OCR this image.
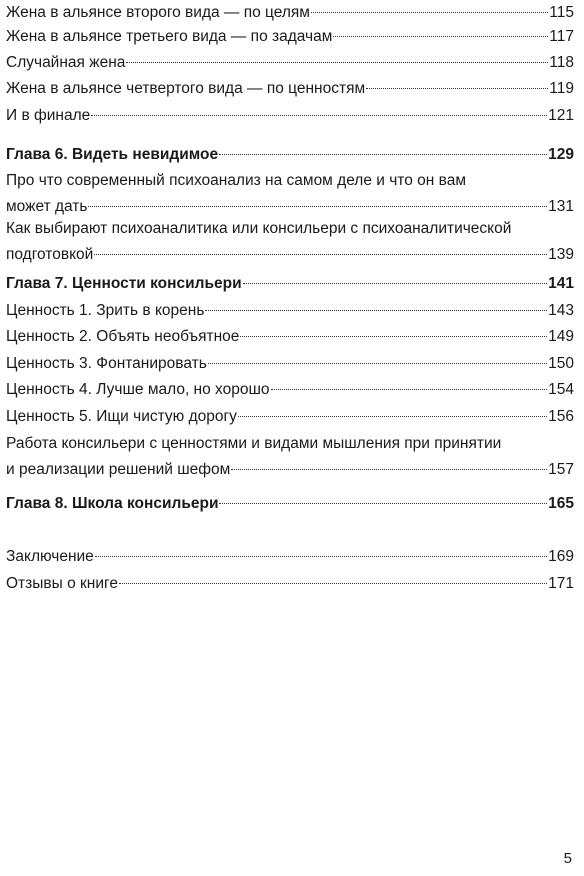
Жена в альянсе второго вида — по целям	115
Жена в альянсе третьего вида — по задачам	117
Случайная жена	118
Жена в альянсе четвертого вида — по ценностям	119
И в финале	121
Глава 6. Видеть невидимое	129
Про что современный психоанализ на самом деле и что он вам
может дать	131
Как выбирают психоаналитика или консильери с психоаналитической
подготовкой	139
Глава 7. Ценности консильери	141
Ценность 1. Зрить в корень	143
Ценность 2. Объять необъятное	149
Ценность 3. Фонтанировать	150
Ценность 4. Лучше мало, но хорошо	154
Ценность 5. Ищи чистую дорогу	156
Работа консильери с ценностями и видами мышления при принятии
и реализации решений шефом	157
Глава 8. Школа консильери	165
Заключение	169
Отзывы о книге	171
5
